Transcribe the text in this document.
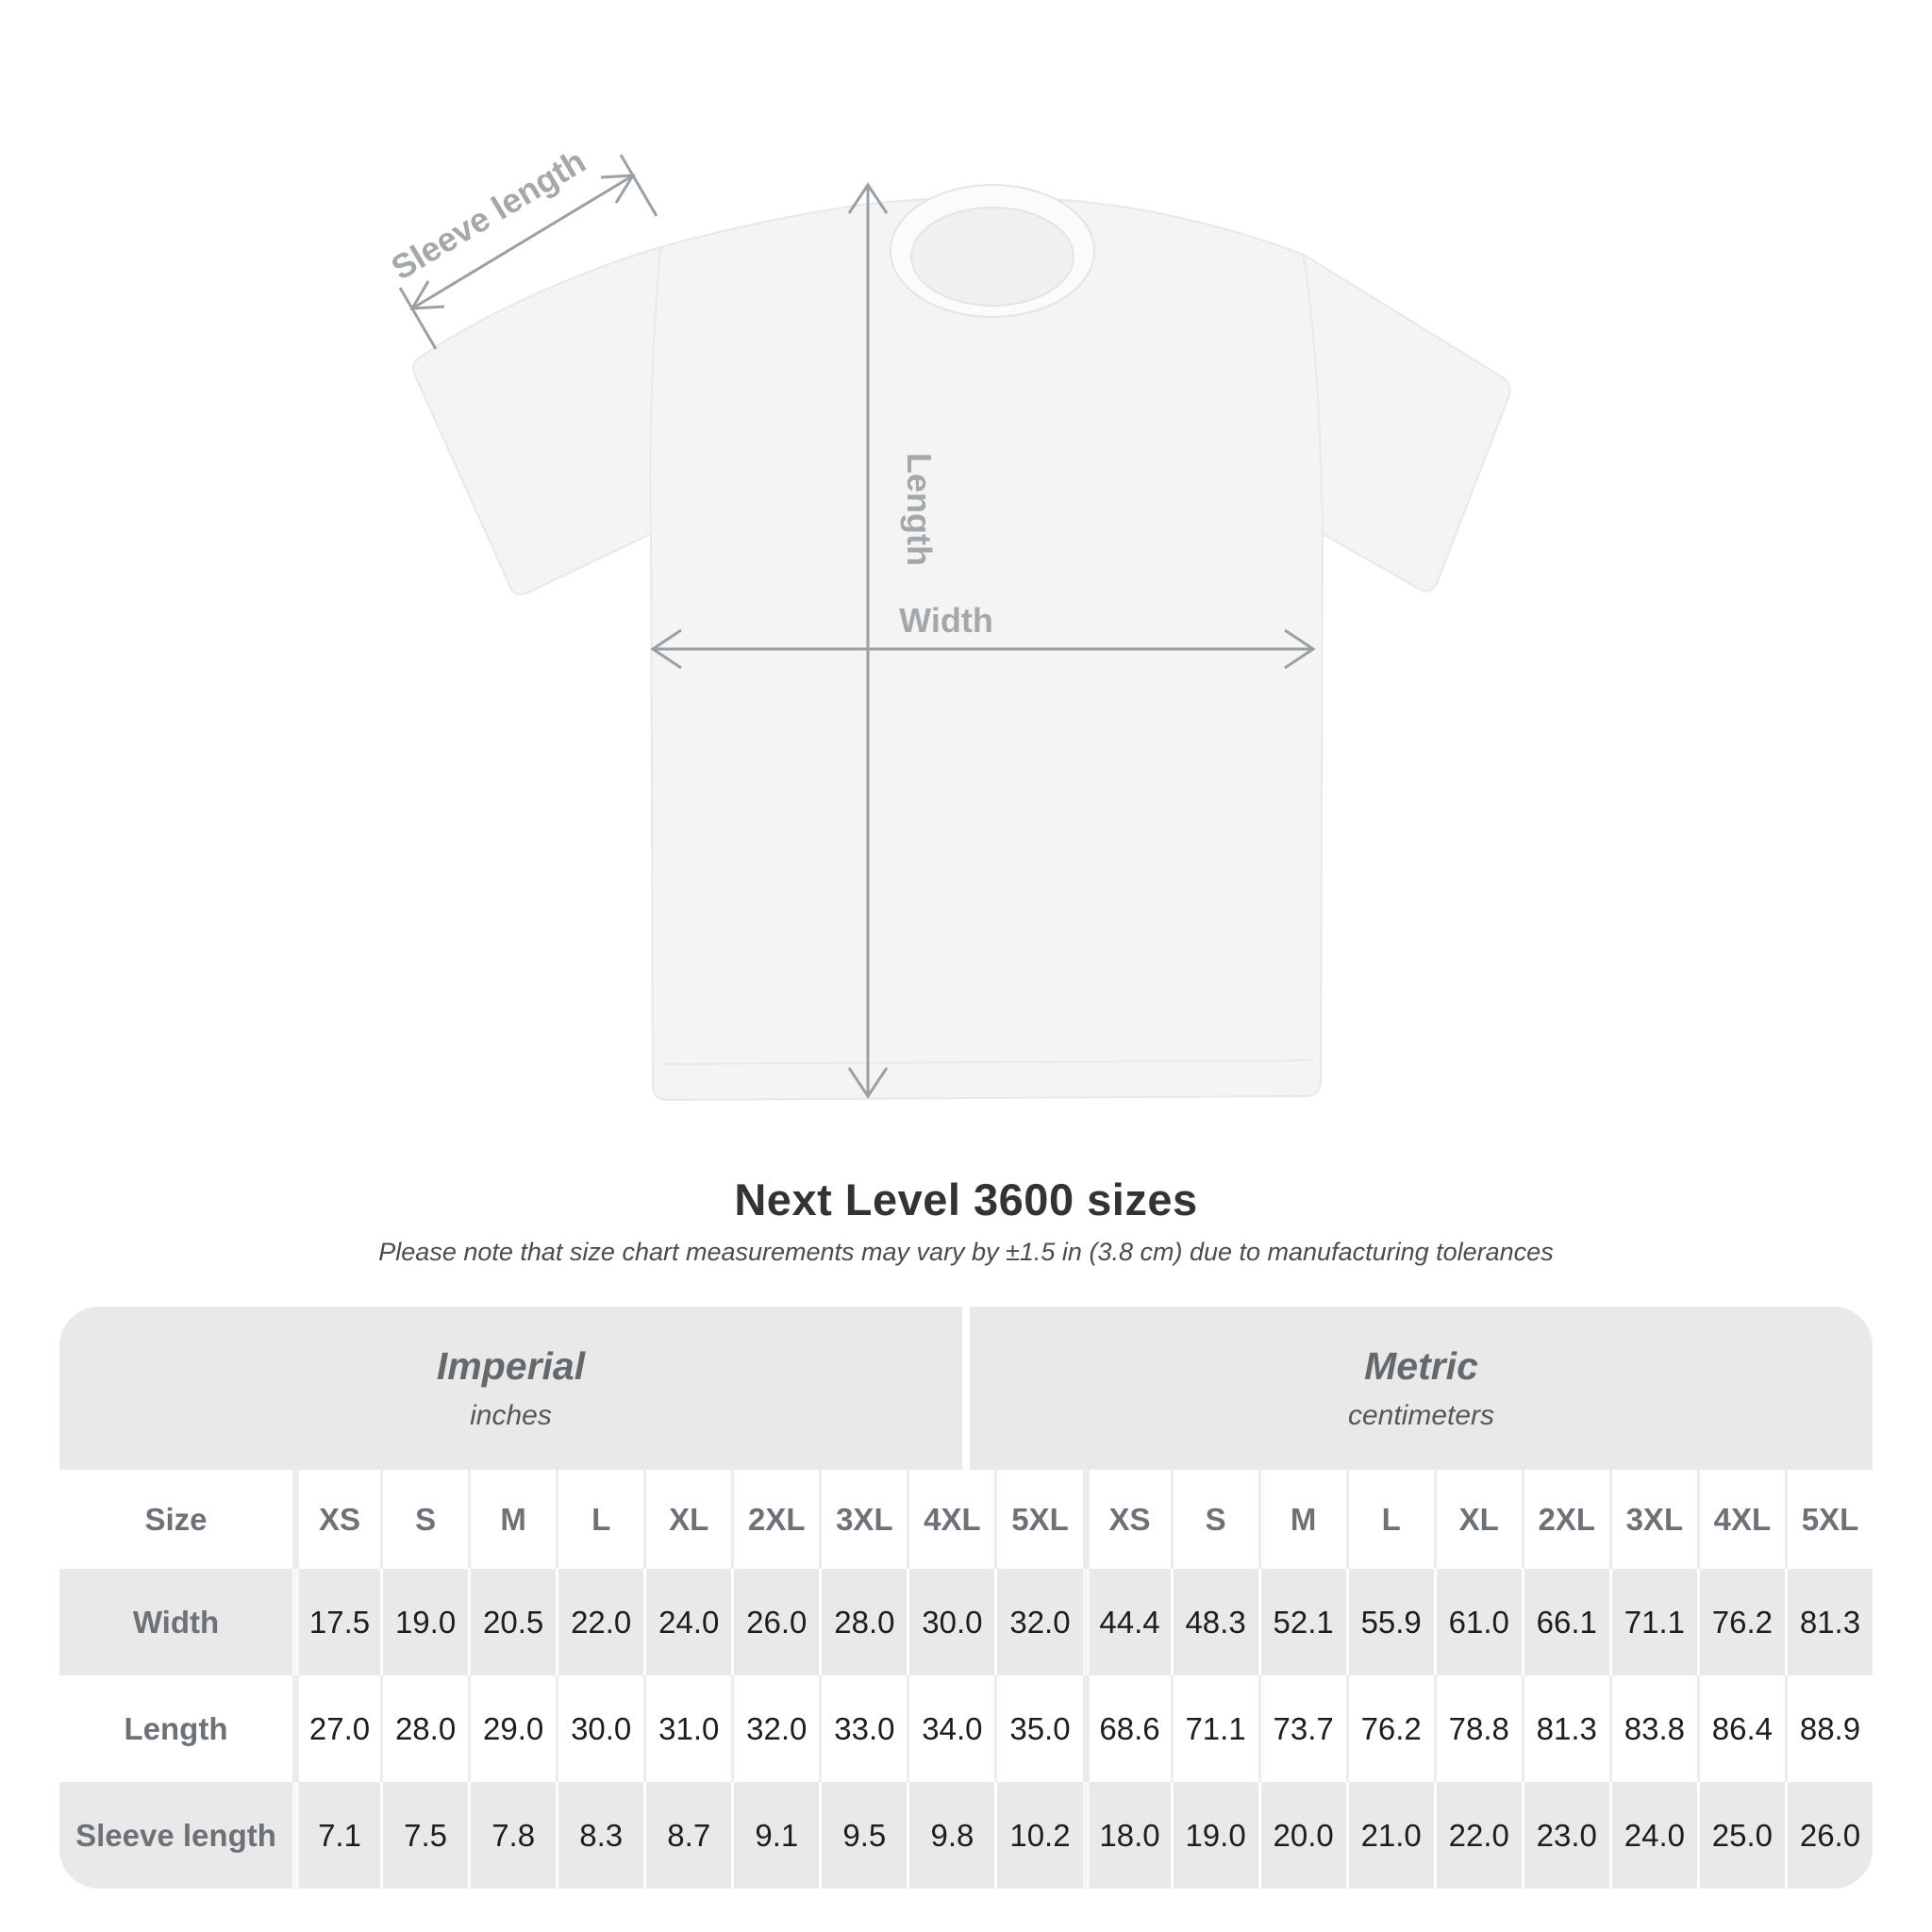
Sleeve length
Length
Width
Next Level 3600 sizes
Please note that size chart measurements may vary by ±1.5 in (3.8 cm) due to manufacturing tolerances
Imperial
inches
Metric
centimeters
Size	XS	S	M	L	XL	2XL 3XL 4XL 5XL	XS	S	M	L	XL	2XL 3XL 4XL 5XL
Width	17.5 19.0 20.5 22.0 24.0 26.0 28.0 30.0 32.0 44.4 48.3 52.1 55.9 61.0 66.1 71.1 76.2 81.3
Length	27.0 28.0 29.0 30.0 31.0 32.0 33.0 34.0 35.0 68.6 71.1 73.7 76.2 78.8 81.3 83.8 86.4 88.9
Sleeve length	7.1	7.5	7.8	8.3	8.7	9.1	9.5	9.8	10.2 18.0 19.0 20.0 21.0 22.0 23.0 24.0 25.0 26.0
